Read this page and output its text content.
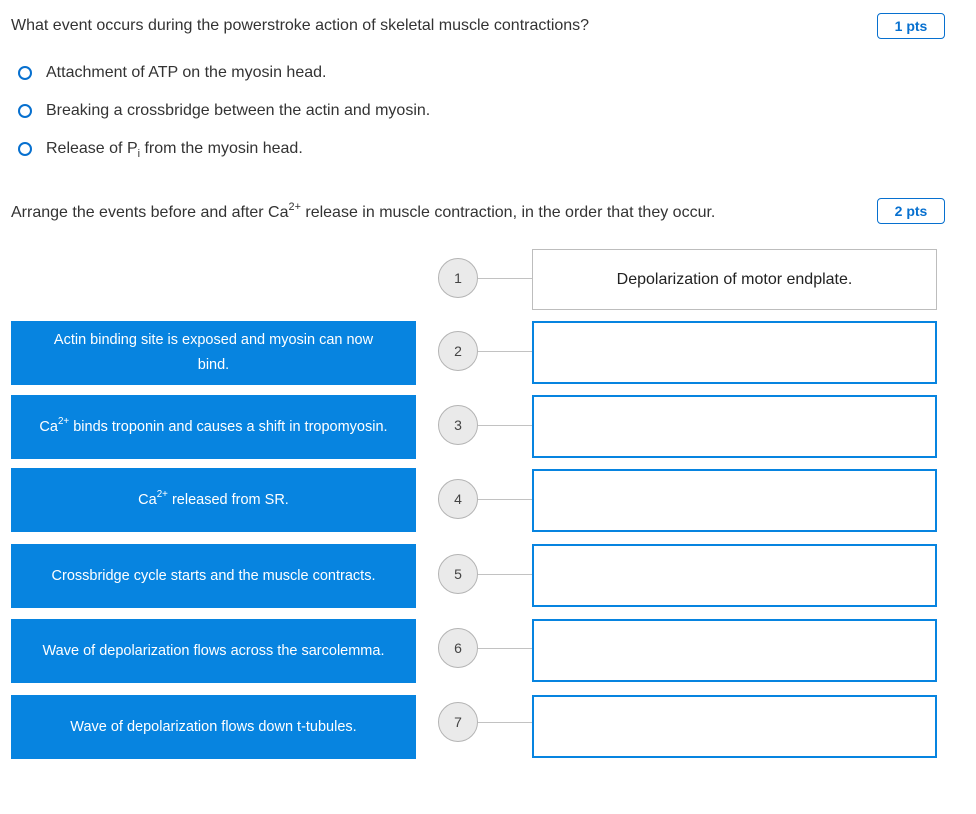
What event occurs during the powerstroke action of skeletal muscle contractions?	1 pts
Attachment of ATP on the myosin head.
Breaking a crossbridge between the actin and myosin.
Release of $P_i$ from the myosin head.
Arrange the events before and after $Ca^{2+}$ release in muscle contraction, in the order that they occur.	2 pts
Actin binding site is exposed and myosin can now bind.
$Ca^{2+}$ binds troponin and causes a shift in tropomyosin.
$Ca^{2+}$ released from SR.
Crossbridge cycle starts and the muscle contracts.
Wave of depolarization flows across the sarcolemma.
Wave of depolarization flows down t-tubules.
1	Depolarization of motor endplate.
2
3
4
5
6
7
